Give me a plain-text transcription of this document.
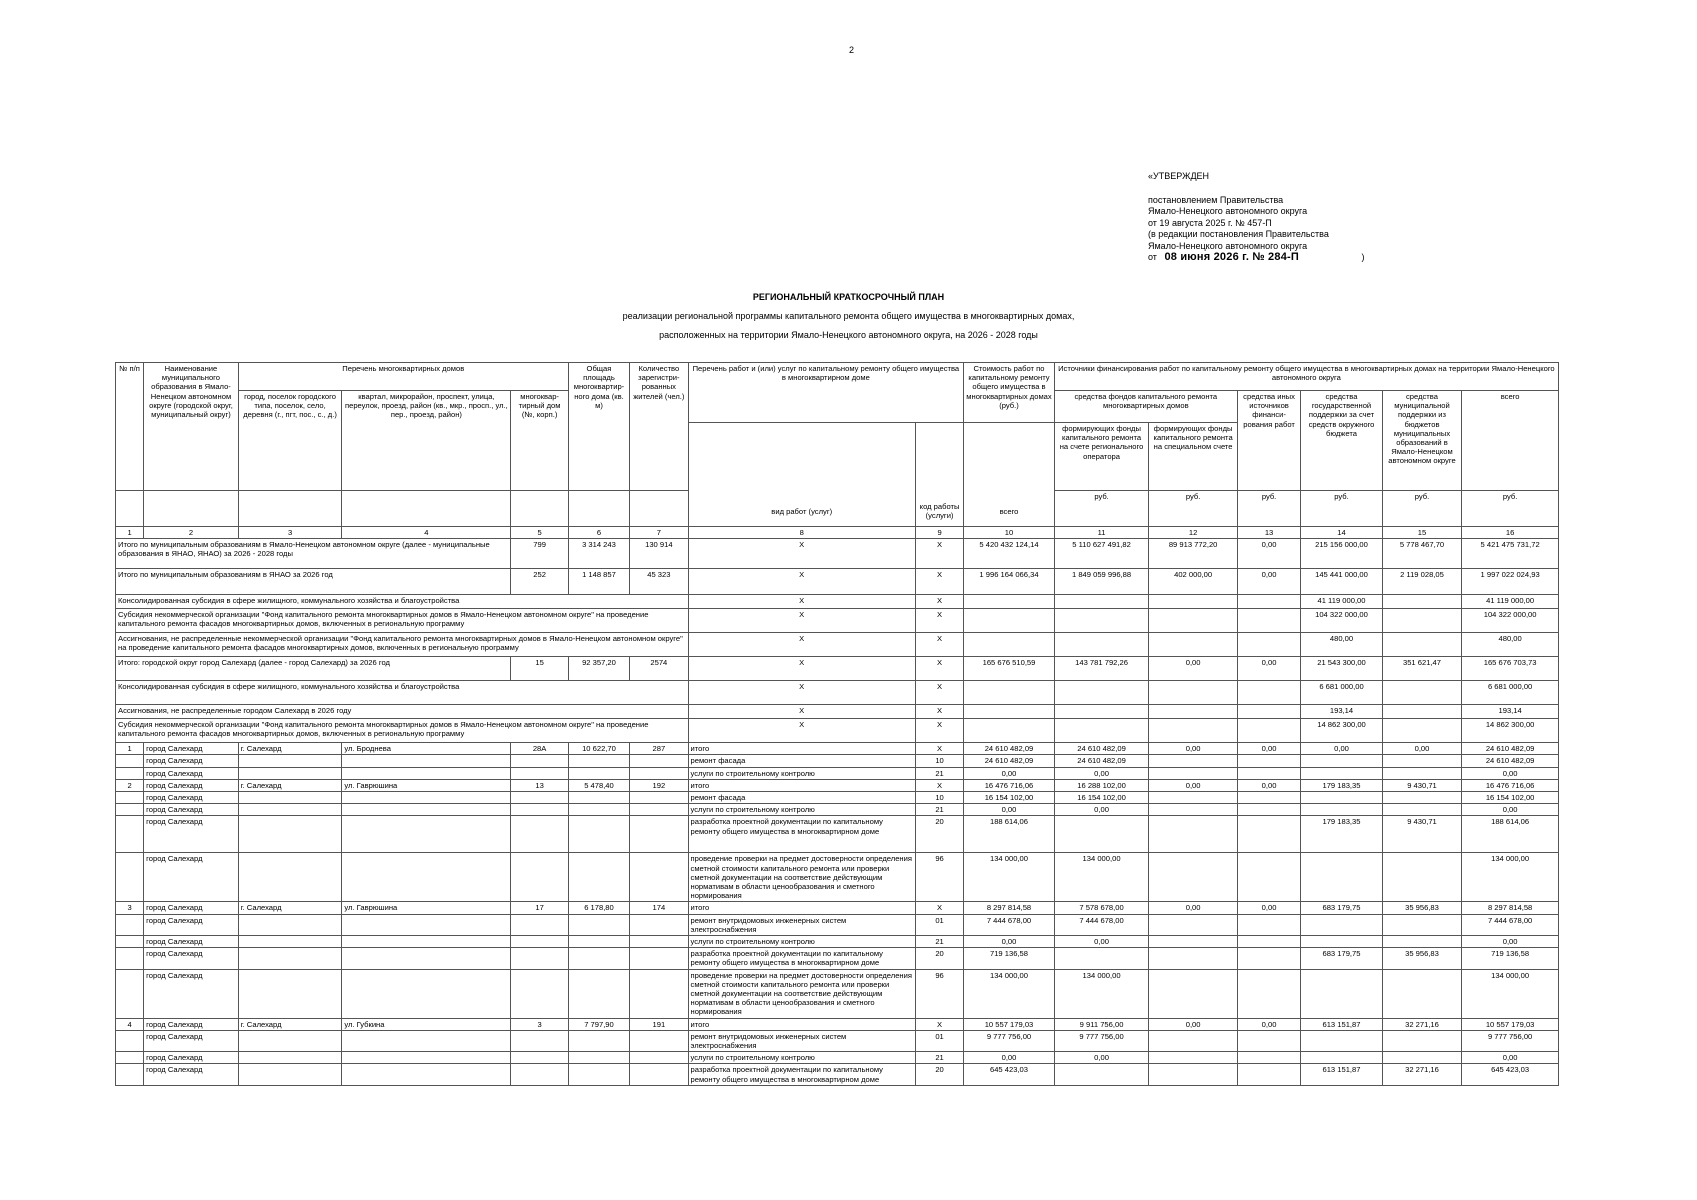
2
«УТВЕРЖДЕН
постановлением Правительства
Ямало-Ненецкого автономного округа
от 19 августа 2025 г. № 457-П
(в редакции постановления Правительства
Ямало-Ненецкого автономного округа
от 08 июня 2026 г. № 284-П	)
РЕГИОНАЛЬНЫЙ КРАТКОСРОЧНЫЙ ПЛАН
реализации региональной программы капитального ремонта общего имущества в многоквартирных домах,
расположенных на территории Ямало-Ненецкого автономного округа, на 2026 - 2028 годы
№ п/п	Наименование муниципального образования в Ямало-Ненецком автономном округе (городской округ, муниципальный округ)	Перечень многоквартирных домов			Общая площадь многоквартир-ного дома (кв. м)	Количество зарегистри-рованных жителей (чел.)	Перечень работ и (или) услуг по капитальному ремонту общего имущества в многоквартирном доме		Стоимость работ по капитальному ремонту общего имущества в многоквартирных домах (руб.)	Источники финансирования работ по капитальному ремонту общего имущества в многоквартирных домах на территории Ямало-Ненецкого автономного округа					
		город, поселок городского типа, поселок, село, деревня (г., пгт, пос., с., д.)	квартал, микрорайон, проспект, улица, переулок, проезд, район (кв., мкр., просп., ул., пер., проезд, район)	многоквар-тирный дом (№, корп.)						средства фондов капитального ремонта многоквартирных домов		средства иных источников финанси-рования работ	средства государственной поддержки за счет средств окружного бюджета	средства муниципальной поддержки из бюджетов муниципальных образований в Ямало-Ненецком автономном округе	всего
							вид работ (услуг)	код работы (услуги)	всего	формирующих фонды капитального ремонта на счете регионального оператора	формирующих фонды капитального ремонта на специальном счете				
										руб.	руб.	руб.	руб.	руб.	руб.
1	2	3	4	5	6	7	8	9	10	11	12	13	14	15	16
Итого по муниципальным образованиям в Ямало-Ненецком автономном округе (далее - муниципальные образования в ЯНАО, ЯНАО) за 2026 - 2028 годы				799	3 314 243	130 914	X	X	5 420 432 124,14	5 110 627 491,82	89 913 772,20	0,00	215 156 000,00	5 778 467,70	5 421 475 731,72
Итого по муниципальным образованиям в ЯНАО за 2026 год				252	1 148 857	45 323	X	X	1 996 164 066,34	1 849 059 996,88	402 000,00	0,00	145 441 000,00	2 119 028,05	1 997 022 024,93
Консолидированная субсидия в сфере жилищного, коммунального хозяйства и благоустройства							X	X					41 119 000,00		41 119 000,00
Субсидия некоммерческой организации "Фонд капитального ремонта многоквартирных домов в Ямало-Ненецком автономном округе" на проведение капитального ремонта фасадов многоквартирных домов, включенных в региональную программу							X	X					104 322 000,00		104 322 000,00
Ассигнования, не распределенные некоммерческой организации "Фонд капитального ремонта многоквартирных домов в Ямало-Ненецком автономном округе" на проведение капитального ремонта фасадов многоквартирных домов, включенных в региональную программу							X	X					480,00		480,00
Итого: городской округ город Салехард (далее - город Салехард) за 2026 год				15	92 357,20	2574	X	X	165 676 510,59	143 781 792,26	0,00	0,00	21 543 300,00	351 621,47	165 676 703,73
Консолидированная субсидия в сфере жилищного, коммунального хозяйства и благоустройства							X	X					6 681 000,00		6 681 000,00
Ассигнования, не распределенные городом Салехард в 2026 году							X	X					193,14		193,14
Субсидия некоммерческой организации "Фонд капитального ремонта многоквартирных домов в Ямало-Ненецком автономном округе" на проведение капитального ремонта фасадов многоквартирных домов, включенных в региональную программу							X	X					14 862 300,00		14 862 300,00
1	город Салехард	г. Салехард	ул. Броднева	28А	10 622,70	287	итого	X	24 610 482,09	24 610 482,09	0,00	0,00	0,00	0,00	24 610 482,09
	город Салехард						ремонт фасада	10	24 610 482,09	24 610 482,09					24 610 482,09
	город Салехард						услуги по строительному контролю	21	0,00	0,00					0,00
2	город Салехард	г. Салехард	ул. Гаврюшина	13	5 478,40	192	итого	X	16 476 716,06	16 288 102,00	0,00	0,00	179 183,35	9 430,71	16 476 716,06
	город Салехард						ремонт фасада	10	16 154 102,00	16 154 102,00					16 154 102,00
	город Салехард						услуги по строительному контролю	21	0,00	0,00					0,00
	город Салехард						разработка проектной документации по капитальному ремонту общего имущества в многоквартирном доме	20	188 614,06				179 183,35	9 430,71	188 614,06
	город Салехард						проведение проверки на предмет достоверности определения сметной стоимости капитального ремонта или проверки сметной документации на соответствие действующим нормативам в области ценообразования и сметного нормирования	96	134 000,00	134 000,00					134 000,00
3	город Салехард	г. Салехард	ул. Гаврюшина	17	6 178,80	174	итого	X	8 297 814,58	7 578 678,00	0,00	0,00	683 179,75	35 956,83	8 297 814,58
	город Салехард						ремонт внутридомовых инженерных систем электроснабжения	01	7 444 678,00	7 444 678,00					7 444 678,00
	город Салехард						услуги по строительному контролю	21	0,00	0,00					0,00
	город Салехард						разработка проектной документации по капитальному ремонту общего имущества в многоквартирном доме	20	719 136,58				683 179,75	35 956,83	719 136,58
	город Салехард						проведение проверки на предмет достоверности определения сметной стоимости капитального ремонта или проверки сметной документации на соответствие действующим нормативам в области ценообразования и сметного нормирования	96	134 000,00	134 000,00					134 000,00
4	город Салехард	г. Салехард	ул. Губкина	3	7 797,90	191	итого	X	10 557 179,03	9 911 756,00	0,00	0,00	613 151,87	32 271,16	10 557 179,03
	город Салехард						ремонт внутридомовых инженерных систем электроснабжения	01	9 777 756,00	9 777 756,00					9 777 756,00
	город Салехард						услуги по строительному контролю	21	0,00	0,00					0,00
	город Салехард						разработка проектной документации по капитальному ремонту общего имущества в многоквартирном доме	20	645 423,03				613 151,87	32 271,16	645 423,03
